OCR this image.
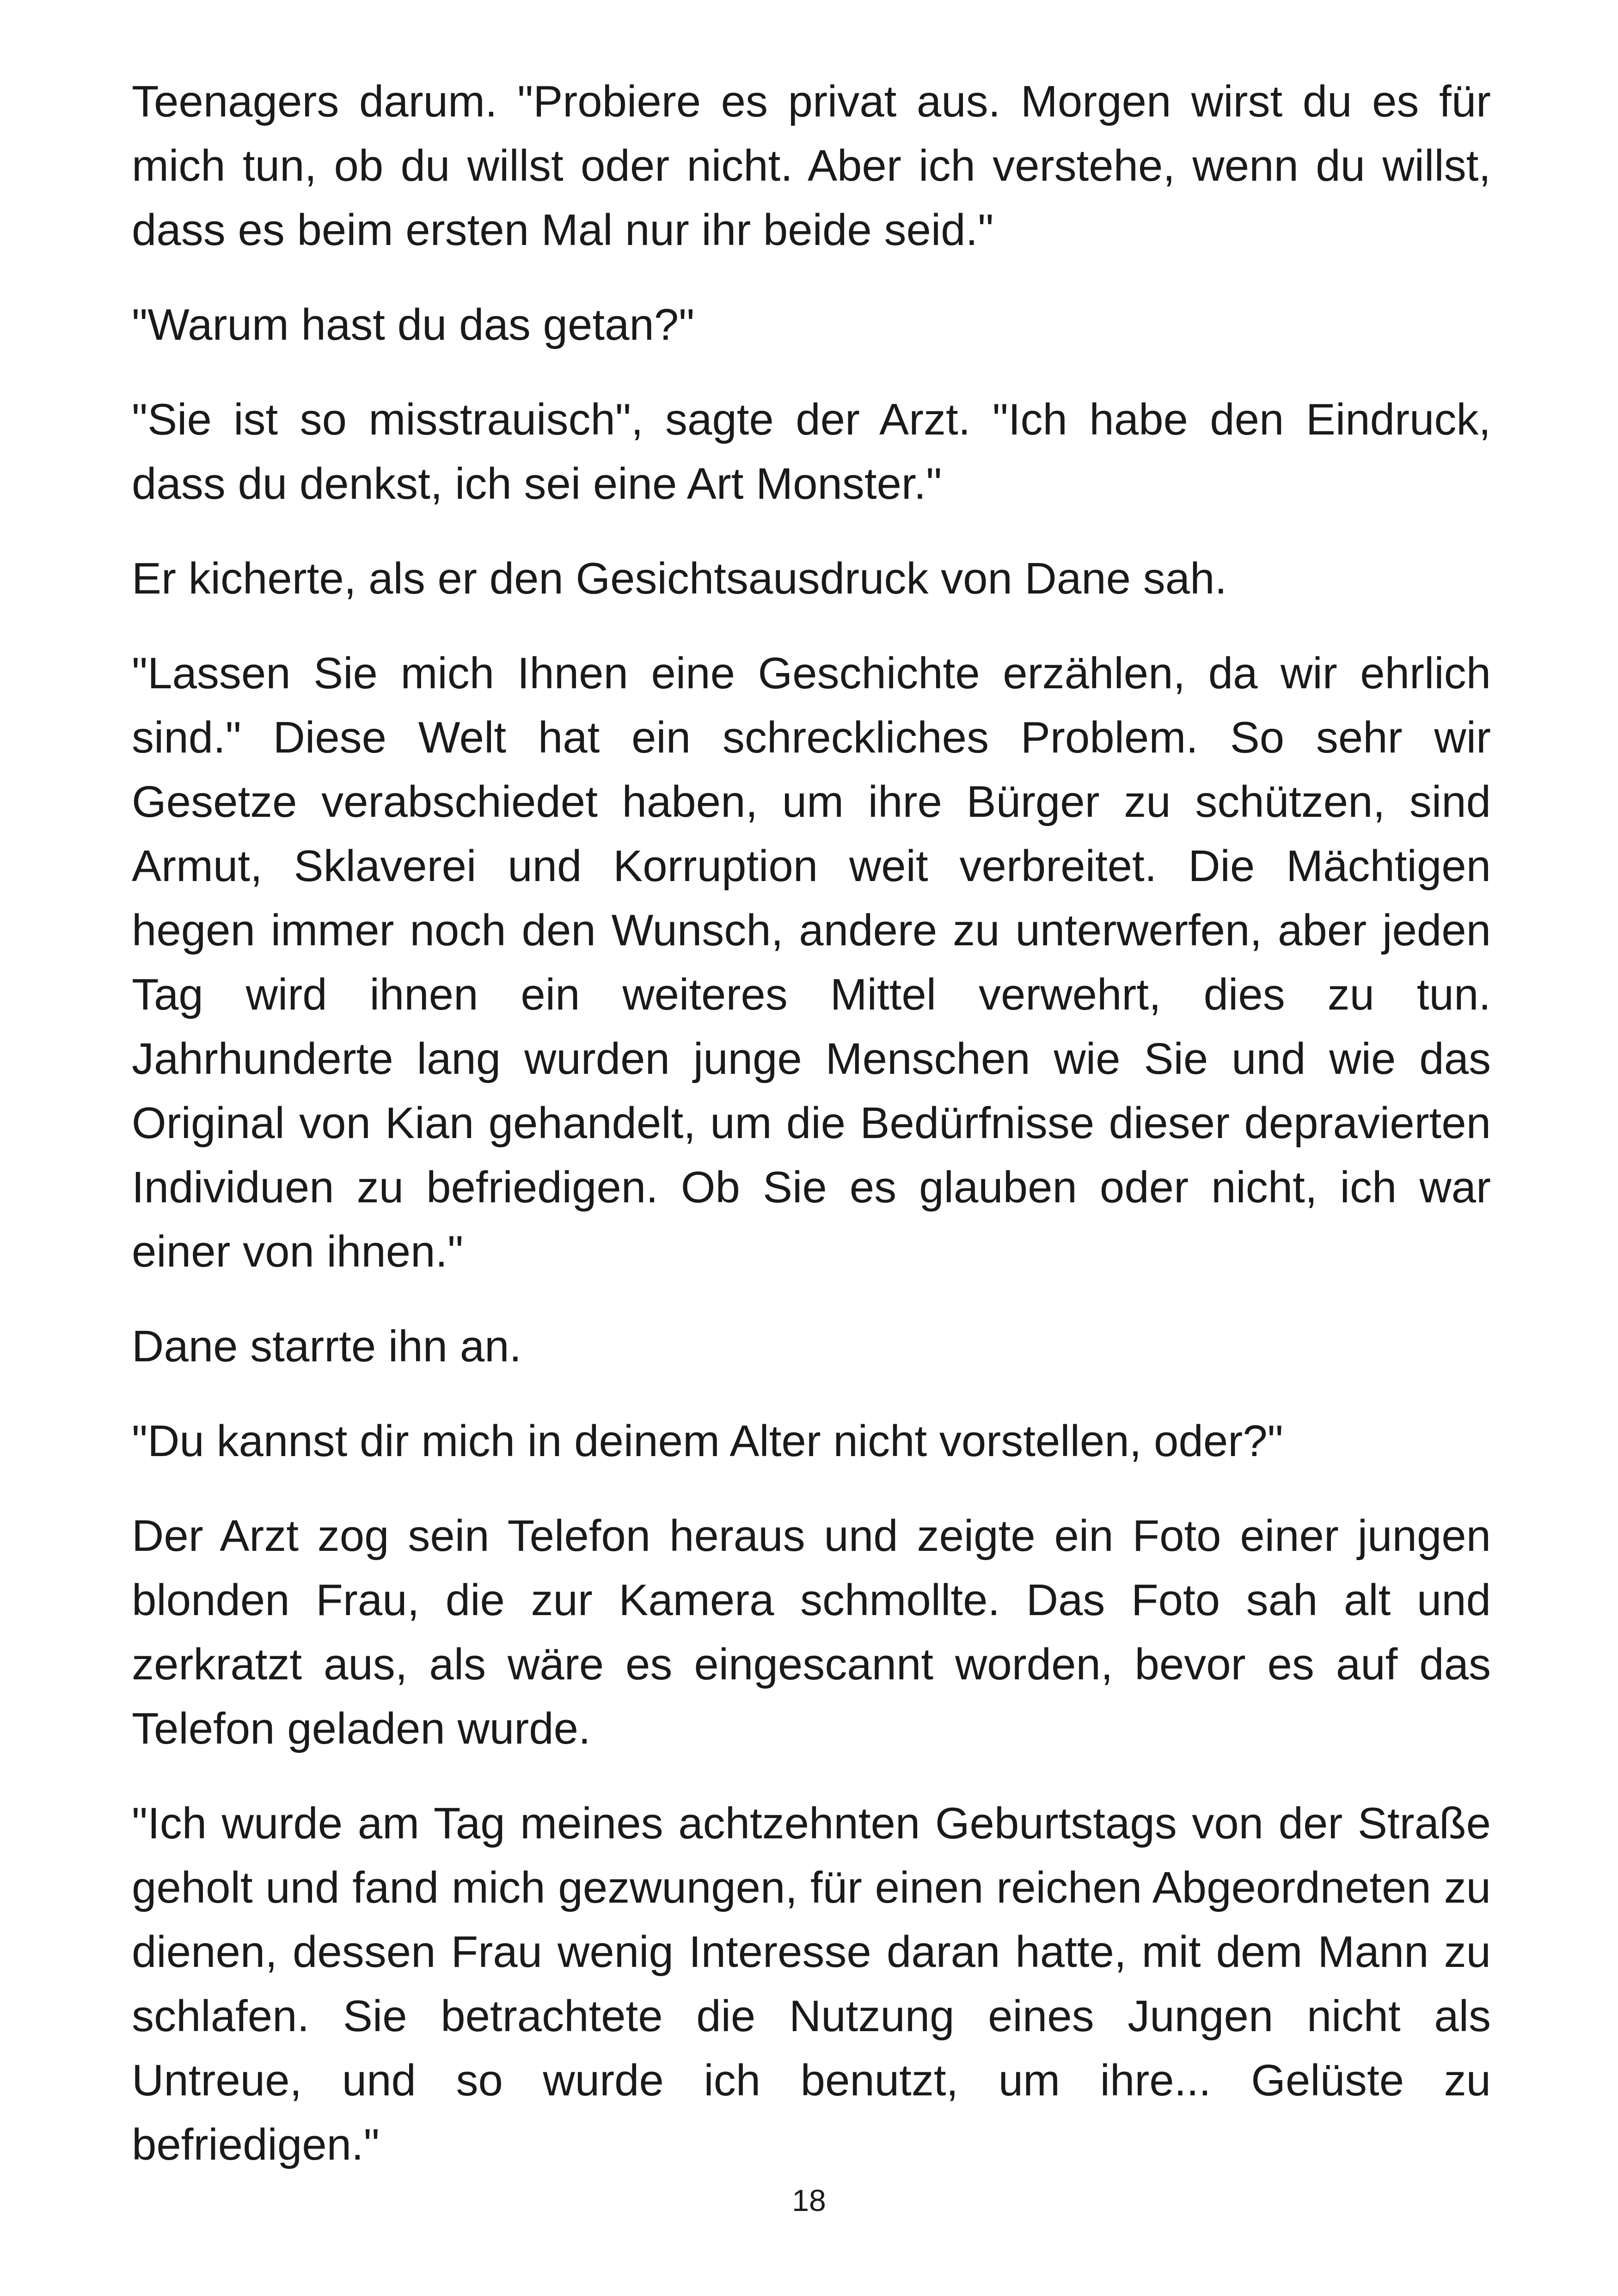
Teenagers darum. "Probiere es privat aus. Morgen wirst du es für mich tun, ob du willst oder nicht. Aber ich verstehe, wenn du willst, dass es beim ersten Mal nur ihr beide seid."

"Warum hast du das getan?"

"Sie ist so misstrauisch", sagte der Arzt. "Ich habe den Eindruck, dass du denkst, ich sei eine Art Monster."

Er kicherte, als er den Gesichtsausdruck von Dane sah.

"Lassen Sie mich Ihnen eine Geschichte erzählen, da wir ehrlich sind." Diese Welt hat ein schreckliches Problem. So sehr wir Gesetze verabschiedet haben, um ihre Bürger zu schützen, sind Armut, Sklaverei und Korruption weit verbreitet. Die Mächtigen hegen immer noch den Wunsch, andere zu unterwerfen, aber jeden Tag wird ihnen ein weiteres Mittel verwehrt, dies zu tun. Jahrhunderte lang wurden junge Menschen wie Sie und wie das Original von Kian gehandelt, um die Bedürfnisse dieser depravierten Individuen zu befriedigen. Ob Sie es glauben oder nicht, ich war einer von ihnen."

Dane starrte ihn an.

"Du kannst dir mich in deinem Alter nicht vorstellen, oder?"

Der Arzt zog sein Telefon heraus und zeigte ein Foto einer jungen blonden Frau, die zur Kamera schmollte. Das Foto sah alt und zerkratzt aus, als wäre es eingescannt worden, bevor es auf das Telefon geladen wurde.

"Ich wurde am Tag meines achtzehnten Geburtstags von der Straße geholt und fand mich gezwungen, für einen reichen Abgeordneten zu dienen, dessen Frau wenig Interesse daran hatte, mit dem Mann zu schlafen. Sie betrachtete die Nutzung eines Jungen nicht als Untreue, und so wurde ich benutzt, um ihre... Gelüste zu befriedigen."

18
